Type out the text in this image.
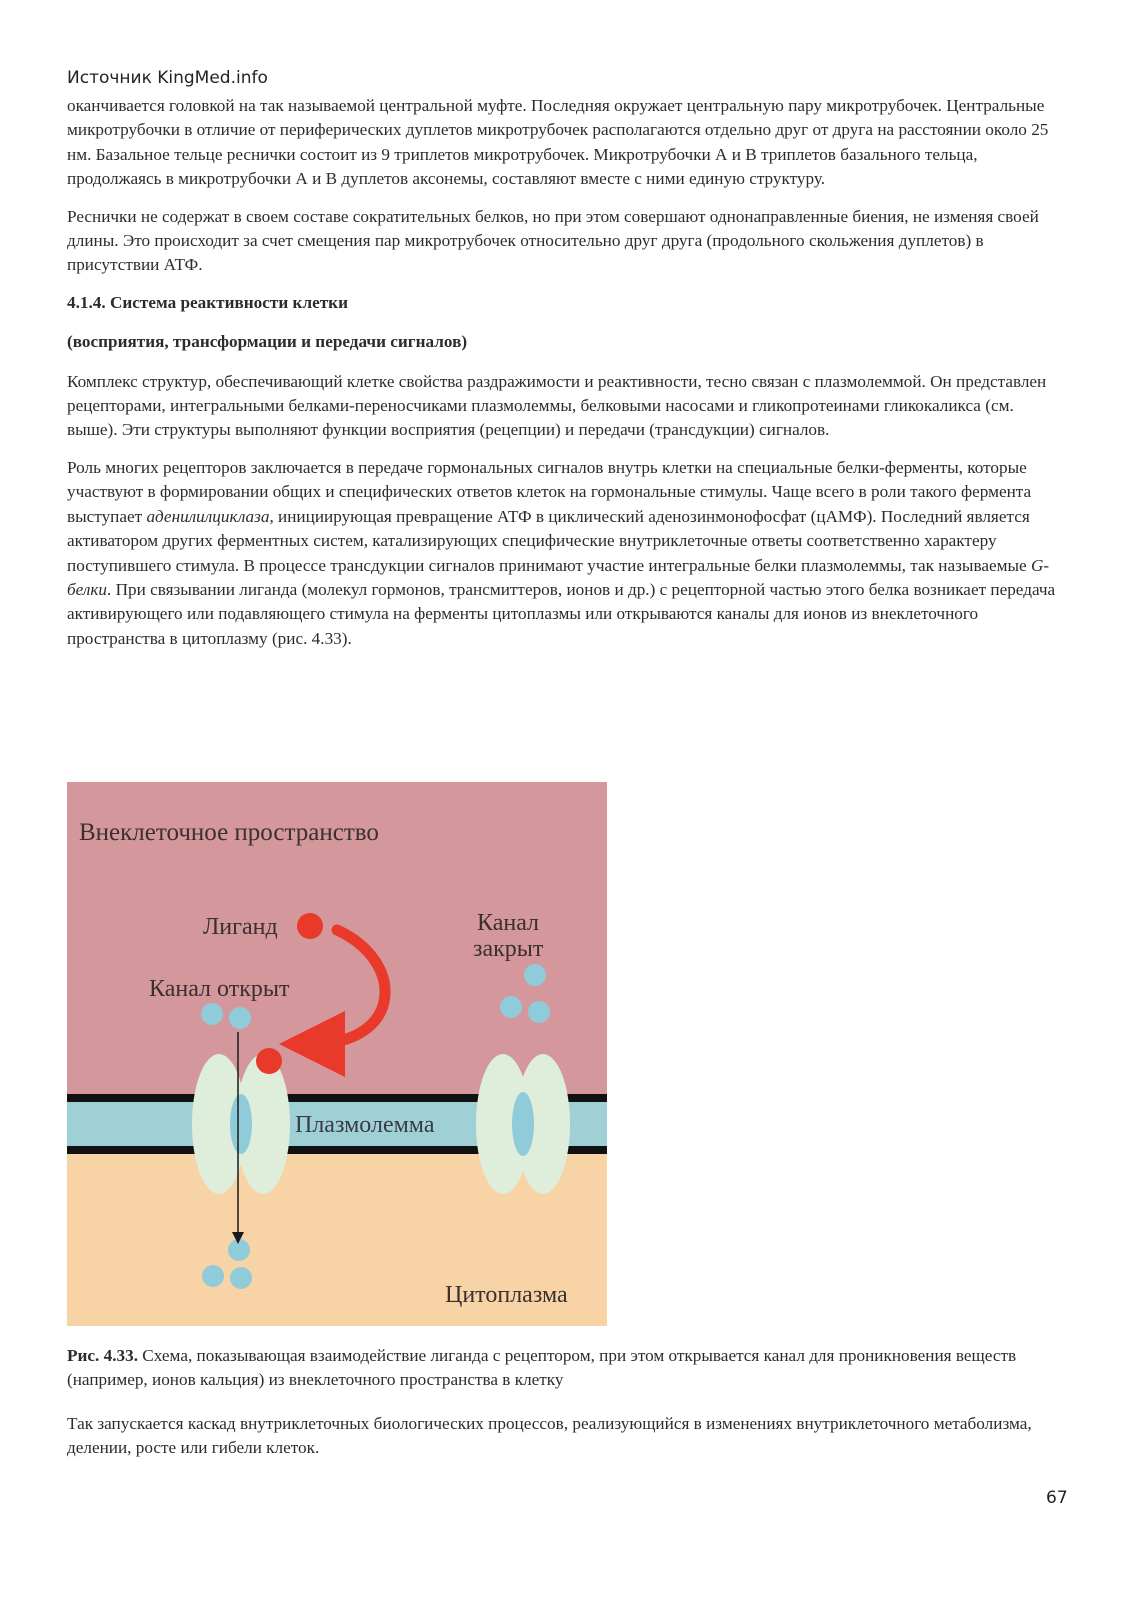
Источник KingMed.info

оканчивается головкой на так называемой центральной муфте. Последняя окружает центральную пару микротрубочек. Центральные микротрубочки в отличие от периферических дуплетов микротрубочек располагаются отдельно друг от друга на расстоянии около 25 нм. Базальное тельце реснички состоит из 9 триплетов микротрубочек. Микротрубочки А и В триплетов базального тельца, продолжаясь в микротрубочки А и В дуплетов аксонемы, составляют вместе с ними единую структуру.

Реснички не содержат в своем составе сократительных белков, но при этом совершают однонаправленные биения, не изменяя своей длины. Это происходит за счет смещения пар микротрубочек относительно друг друга (продольного скольжения дуплетов) в присутствии АТФ.

4.1.4. Система реактивности клетки
(восприятия, трансформации и передачи сигналов)

Комплекс структур, обеспечивающий клетке свойства раздражимости и реактивности, тесно связан с плазмолеммой. Он представлен рецепторами, интегральными белками-переносчиками плазмолеммы, белковыми насосами и гликопротеинами гликокаликса (см. выше). Эти структуры выполняют функции восприятия (рецепции) и передачи (трансдукции) сигналов.

Роль многих рецепторов заключается в передаче гормональных сигналов внутрь клетки на специальные белки-ферменты, которые участвуют в формировании общих и специфических ответов клеток на гормональные стимулы. Чаще всего в роли такого фермента выступает аденилилциклаза, инициирующая превращение АТФ в циклический аденозинмонофосфат (цАМФ). Последний является активатором других ферментных систем, катализирующих специфические внутриклеточные ответы соответственно характеру поступившего стимула. В процессе трансдукции сигналов принимают участие интегральные белки плазмолеммы, так называемые G-белки. При связывании лиганда (молекул гормонов, трансмиттеров, ионов и др.) с рецепторной частью этого белка возникает передача активирующего или подавляющего стимула на ферменты цитоплазмы или открываются каналы для ионов из внеклеточного пространства в цитоплазму (рис. 4.33).

Внеклеточное пространство
Лиганд
Канал открыт
Канал
закрыт
Плазмолемма
Цитоплазма
Рис. 4.33. Схема, показывающая взаимодействие лиганда с рецептором, при этом открывается канал для проникновения веществ (например, ионов кальция) из внеклеточного пространства в клетку
Так запускается каскад внутриклеточных биологических процессов, реализующийся в изменениях внутриклеточного метаболизма, делении, росте или гибели клеток.
67
